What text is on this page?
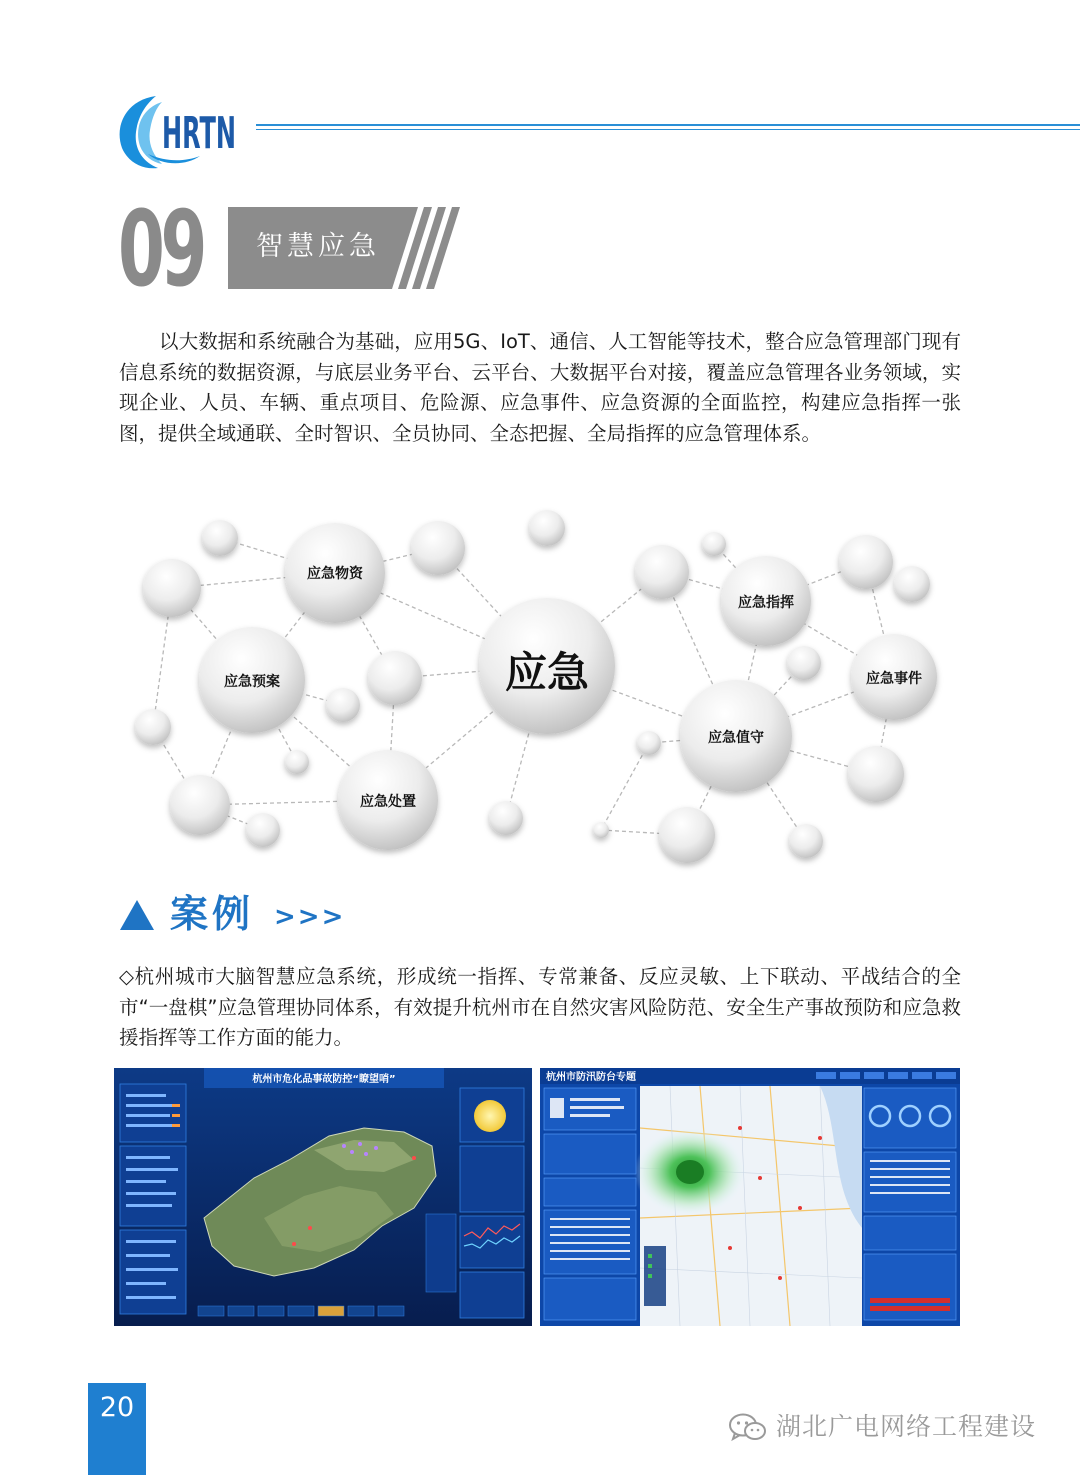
HRTN
09 智慧应急
以大数据和系统融合为基础，应用5G、IoT、通信、人工智能等技术，整合应急管理部门现有信息系统的数据资源，与底层业务平台、云平台、大数据平台对接，覆盖应急管理各业务领域，实现企业、人员、车辆、重点项目、危险源、应急事件、应急资源的全面监控，构建应急指挥一张图，提供全域通联、全时智识、全员协同、全态把握、全局指挥的应急管理体系。
应急
应急物资
应急预案
应急处置
应急指挥
应急事件
应急值守
案例 >>>
◇杭州城市大脑智慧应急系统，形成统一指挥、专常兼备、反应灵敏、上下联动、平战结合的全市“一盘棋”应急管理协同体系，有效提升杭州市在自然灾害风险防范、安全生产事故预防和应急救援指挥等工作方面的能力。
杭州市危化品事故防控“瞭望哨”	杭州市防汛防台专题
20
湖北广电网络工程建设
